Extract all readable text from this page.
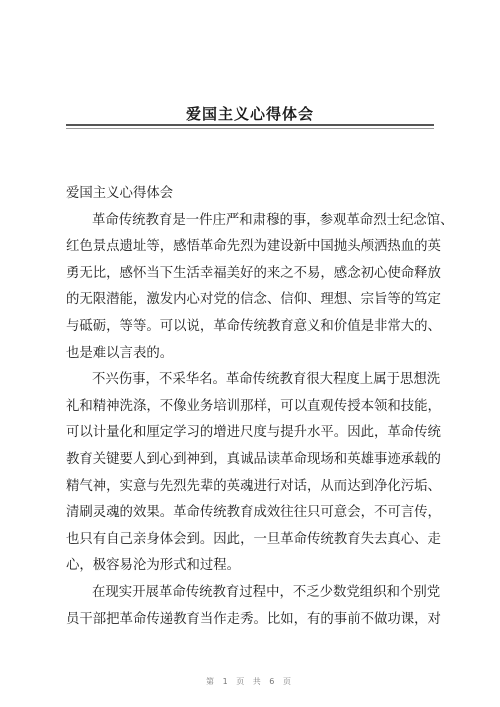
爱国主义心得体会

爱国主义心得体会

革命传统教育是一件庄严和肃穆的事，参观革命烈士纪念馆、

红色景点遗址等，感悟革命先烈为建设新中国抛头颅洒热血的英

勇无比，感怀当下生活幸福美好的来之不易，感念初心使命释放

的无限潜能，激发内心对党的信念、信仰、理想、宗旨等的笃定

与砥砺，等等。可以说，革命传统教育意义和价值是非常大的、

也是难以言表的。

不兴伤事，不采华名。革命传统教育很大程度上属于思想洗

礼和精神洗涤，不像业务培训那样，可以直观传授本领和技能，

可以计量化和厘定学习的增进尺度与提升水平。因此，革命传统

教育关键要人到心到神到，真诚品读革命现场和英雄事迹承载的

精气神，实意与先烈先辈的英魂进行对话，从而达到净化污垢、

清刷灵魂的效果。革命传统教育成效往往只可意会，不可言传，

也只有自己亲身体会到。因此，一旦革命传统教育失去真心、走

心，极容易沦为形式和过程。

在现实开展革命传统教育过程中，不乏少数党组织和个别党

员干部把革命传递教育当作走秀。比如，有的事前不做功课，对

第 1 页 共 6 页
